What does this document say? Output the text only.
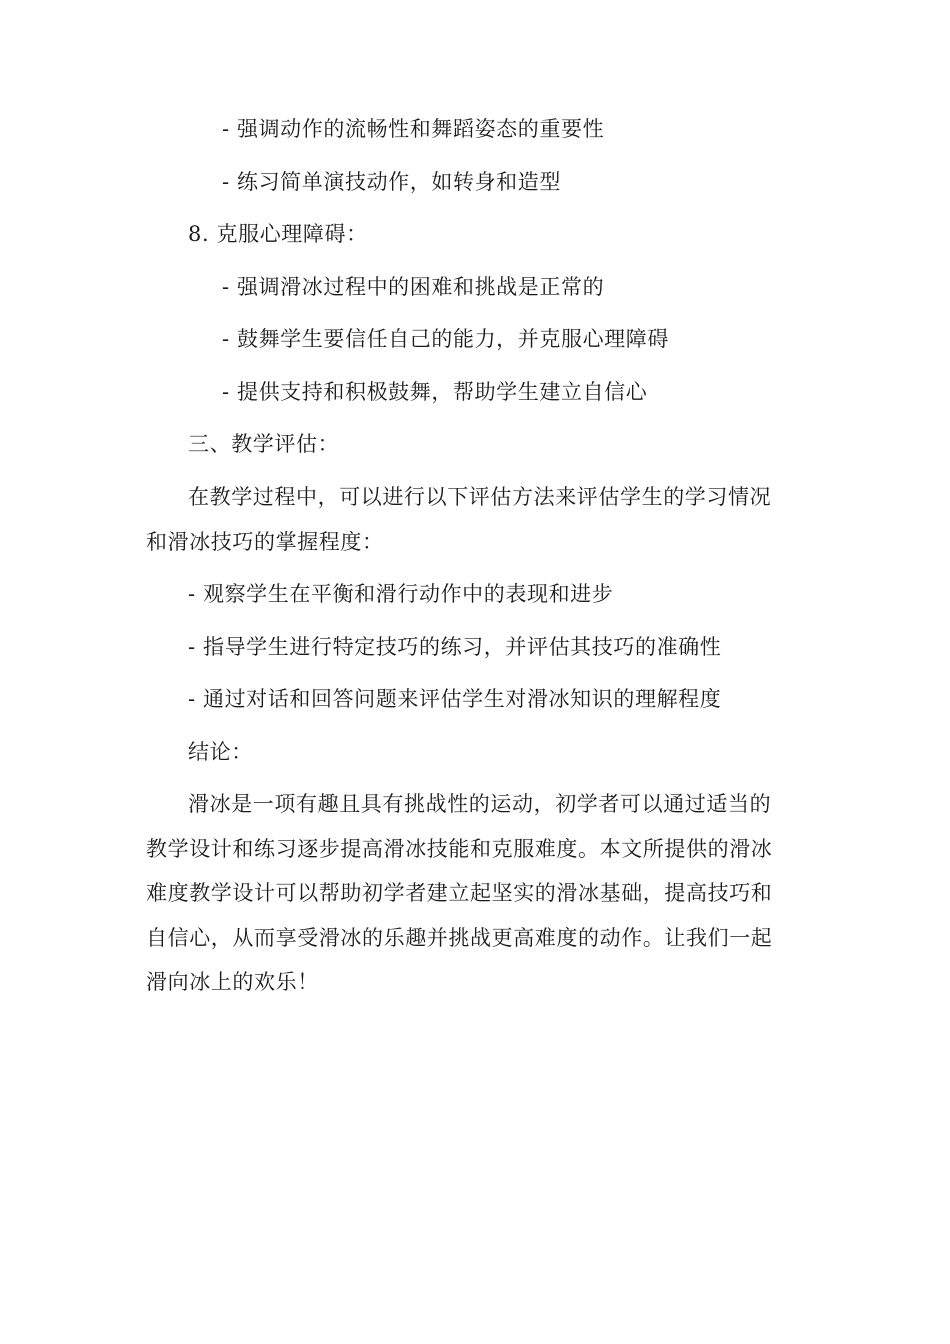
- 强调动作的流畅性和舞蹈姿态的重要性
- 练习简单演技动作，如转身和造型
8. 克服心理障碍：
- 强调滑冰过程中的困难和挑战是正常的
- 鼓舞学生要信任自己的能力，并克服心理障碍
- 提供支持和积极鼓舞，帮助学生建立自信心
三、教学评估：
在教学过程中，可以进行以下评估方法来评估学生的学习情况
和滑冰技巧的掌握程度：
- 观察学生在平衡和滑行动作中的表现和进步
- 指导学生进行特定技巧的练习，并评估其技巧的准确性
- 通过对话和回答问题来评估学生对滑冰知识的理解程度
结论：
滑冰是一项有趣且具有挑战性的运动，初学者可以通过适当的
教学设计和练习逐步提高滑冰技能和克服难度。本文所提供的滑冰
难度教学设计可以帮助初学者建立起坚实的滑冰基础，提高技巧和
自信心，从而享受滑冰的乐趣并挑战更高难度的动作。让我们一起
滑向冰上的欢乐！
